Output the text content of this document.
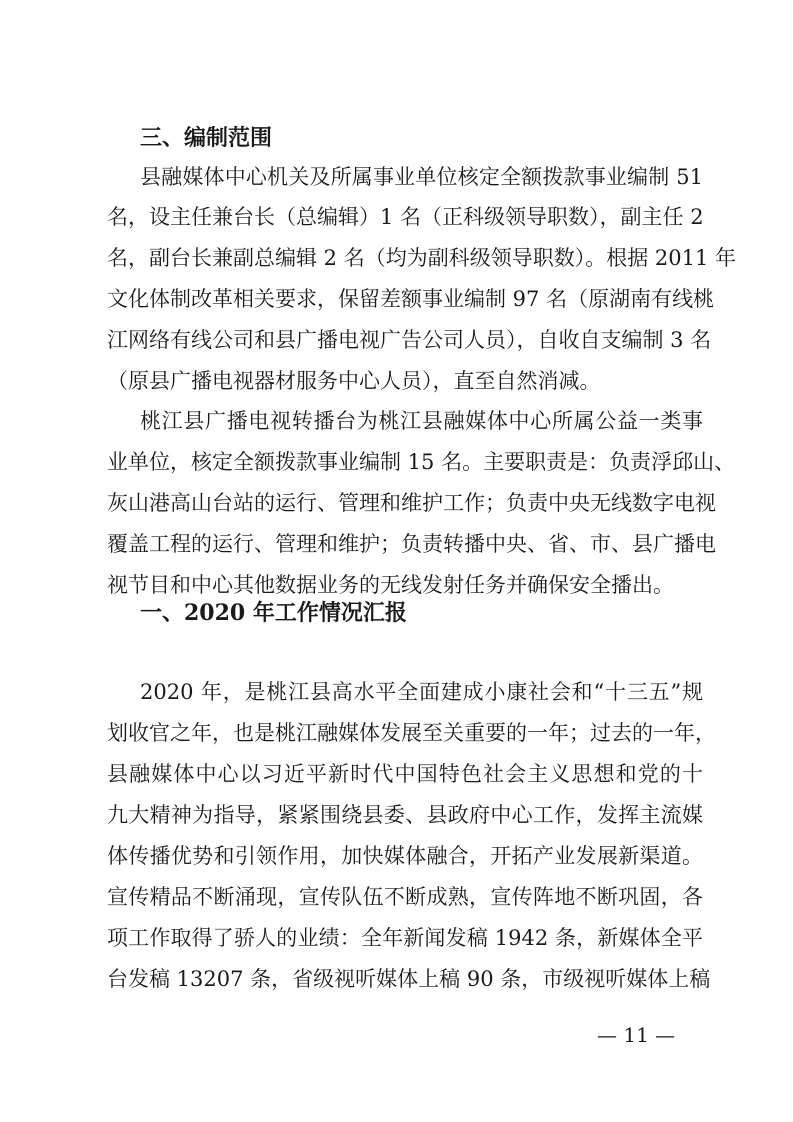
三、编制范围
县融媒体中心机关及所属事业单位核定全额拨款事业编制 51
名，设主任兼台长（总编辑）1 名（正科级领导职数），副主任 2
名，副台长兼副总编辑 2 名（均为副科级领导职数）。根据 2011 年
文化体制改革相关要求，保留差额事业编制 97 名（原湖南有线桃
江网络有线公司和县广播电视广告公司人员），自收自支编制 3 名
（原县广播电视器材服务中心人员），直至自然消减。
桃江县广播电视转播台为桃江县融媒体中心所属公益一类事
业单位，核定全额拨款事业编制 15 名。主要职责是：负责浮邱山、
灰山港高山台站的运行、管理和维护工作；负责中央无线数字电视
覆盖工程的运行、管理和维护；负责转播中央、省、市、县广播电
视节目和中心其他数据业务的无线发射任务并确保安全播出。
一、2020 年工作情况汇报
2020 年，是桃江县高水平全面建成小康社会和“十三五”规
划收官之年，也是桃江融媒体发展至关重要的一年；过去的一年，
县融媒体中心以习近平新时代中国特色社会主义思想和党的十
九大精神为指导，紧紧围绕县委、县政府中心工作，发挥主流媒
体传播优势和引领作用，加快媒体融合，开拓产业发展新渠道。
宣传精品不断涌现，宣传队伍不断成熟，宣传阵地不断巩固，各
项工作取得了骄人的业绩：全年新闻发稿 1942 条，新媒体全平
台发稿 13207 条，省级视听媒体上稿 90 条，市级视听媒体上稿
— 11 —
